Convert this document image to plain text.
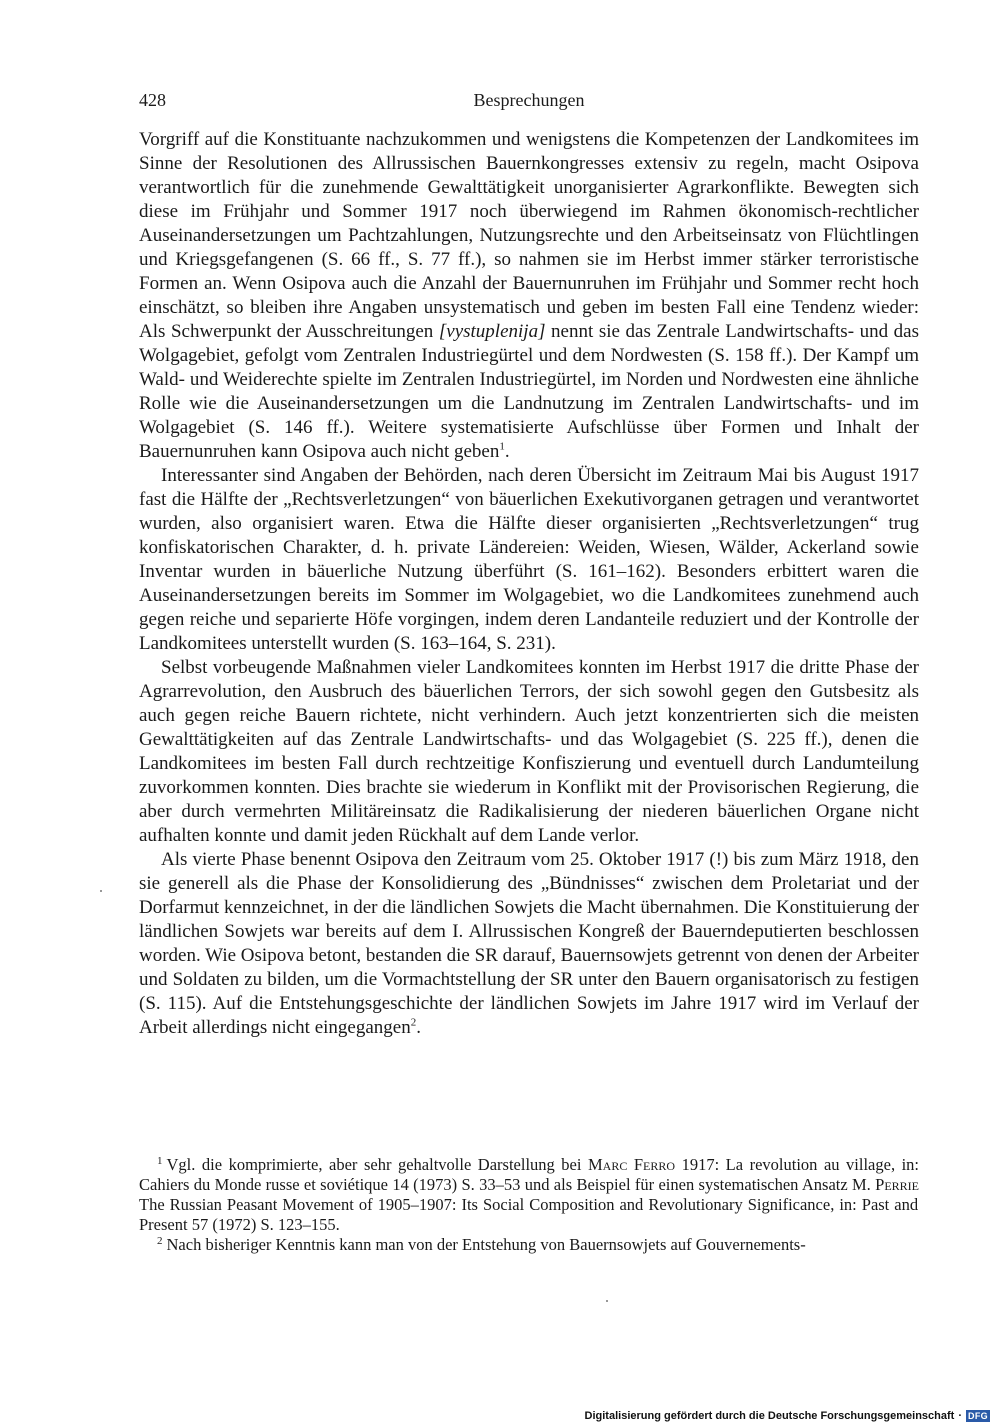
428	Besprechungen

Vorgriff auf die Konstituante nachzukommen und wenigstens die Kompetenzen der Landkomitees im Sinne der Resolutionen des Allrussischen Bauernkongresses extensiv zu regeln, macht Osipova verantwortlich für die zunehmende Gewalttätigkeit unorganisierter Agrarkonflikte. Bewegten sich diese im Frühjahr und Sommer 1917 noch überwiegend im Rahmen ökonomisch-rechtlicher Auseinandersetzungen um Pachtzahlungen, Nutzungsrechte und den Arbeitseinsatz von Flüchtlingen und Kriegsgefangenen (S. 66 ff., S. 77 ff.), so nahmen sie im Herbst immer stärker terroristische Formen an. Wenn Osipova auch die Anzahl der Bauernunruhen im Frühjahr und Sommer recht hoch einschätzt, so bleiben ihre Angaben unsystematisch und geben im besten Fall eine Tendenz wieder: Als Schwerpunkt der Ausschreitungen [vystuplenija] nennt sie das Zentrale Landwirtschafts- und das Wolgagebiet, gefolgt vom Zentralen Industriegürtel und dem Nordwesten (S. 158 ff.). Der Kampf um Wald- und Weiderechte spielte im Zentralen Industriegürtel, im Norden und Nordwesten eine ähnliche Rolle wie die Auseinandersetzungen um die Landnutzung im Zentralen Landwirtschafts- und im Wolgagebiet (S. 146 ff.). Weitere systematisierte Aufschlüsse über Formen und Inhalt der Bauernunruhen kann Osipova auch nicht geben$^1$.

Interessanter sind Angaben der Behörden, nach deren Übersicht im Zeitraum Mai bis August 1917 fast die Hälfte der „Rechtsverletzungen“ von bäuerlichen Exekutivorganen getragen und verantwortet wurden, also organisiert waren. Etwa die Hälfte dieser organisierten „Rechtsverletzungen“ trug konfiskatorischen Charakter, d. h. private Ländereien: Weiden, Wiesen, Wälder, Ackerland sowie Inventar wurden in bäuerliche Nutzung überführt (S. 161–162). Besonders erbittert waren die Auseinandersetzungen bereits im Sommer im Wolgagebiet, wo die Landkomitees zunehmend auch gegen reiche und separierte Höfe vorgingen, indem deren Landanteile reduziert und der Kontrolle der Landkomitees unterstellt wurden (S. 163–164, S. 231).

Selbst vorbeugende Maßnahmen vieler Landkomitees konnten im Herbst 1917 die dritte Phase der Agrarrevolution, den Ausbruch des bäuerlichen Terrors, der sich sowohl gegen den Gutsbesitz als auch gegen reiche Bauern richtete, nicht verhindern. Auch jetzt konzentrierten sich die meisten Gewalttätigkeiten auf das Zentrale Landwirtschafts- und das Wolgagebiet (S. 225 ff.), denen die Landkomitees im besten Fall durch rechtzeitige Konfiszierung und eventuell durch Landumteilung zuvorkommen konnten. Dies brachte sie wiederum in Konflikt mit der Provisorischen Regierung, die aber durch vermehrten Militäreinsatz die Radikalisierung der niederen bäuerlichen Organe nicht aufhalten konnte und damit jeden Rückhalt auf dem Lande verlor.

Als vierte Phase benennt Osipova den Zeitraum vom 25. Oktober 1917 (!) bis zum März 1918, den sie generell als die Phase der Konsolidierung des „Bündnisses“ zwischen dem Proletariat und der Dorfarmut kennzeichnet, in der die ländlichen Sowjets die Macht übernahmen. Die Konstituierung der ländlichen Sowjets war bereits auf dem I. Allrussischen Kongreß der Bauerndeputierten beschlossen worden. Wie Osipova betont, bestanden die SR darauf, Bauernsowjets getrennt von denen der Arbeiter und Soldaten zu bilden, um die Vormachtstellung der SR unter den Bauern organisatorisch zu festigen (S. 115). Auf die Entstehungsgeschichte der ländlichen Sowjets im Jahre 1917 wird im Verlauf der Arbeit allerdings nicht eingegangen$^2$.

$^1$ Vgl. die komprimierte, aber sehr gehaltvolle Darstellung bei Marc Ferro 1917: La revolution au village, in: Cahiers du Monde russe et soviétique 14 (1973) S. 33–53 und als Beispiel für einen systematischen Ansatz M. Perrie The Russian Peasant Movement of 1905–1907: Its Social Composition and Revolutionary Significance, in: Past and Present 57 (1972) S. 123–155.

$^2$ Nach bisheriger Kenntnis kann man von der Entstehung von Bauernsowjets auf Gouvernements-

Digitalisierung gefördert durch die Deutsche Forschungsgemeinschaft · DFG
